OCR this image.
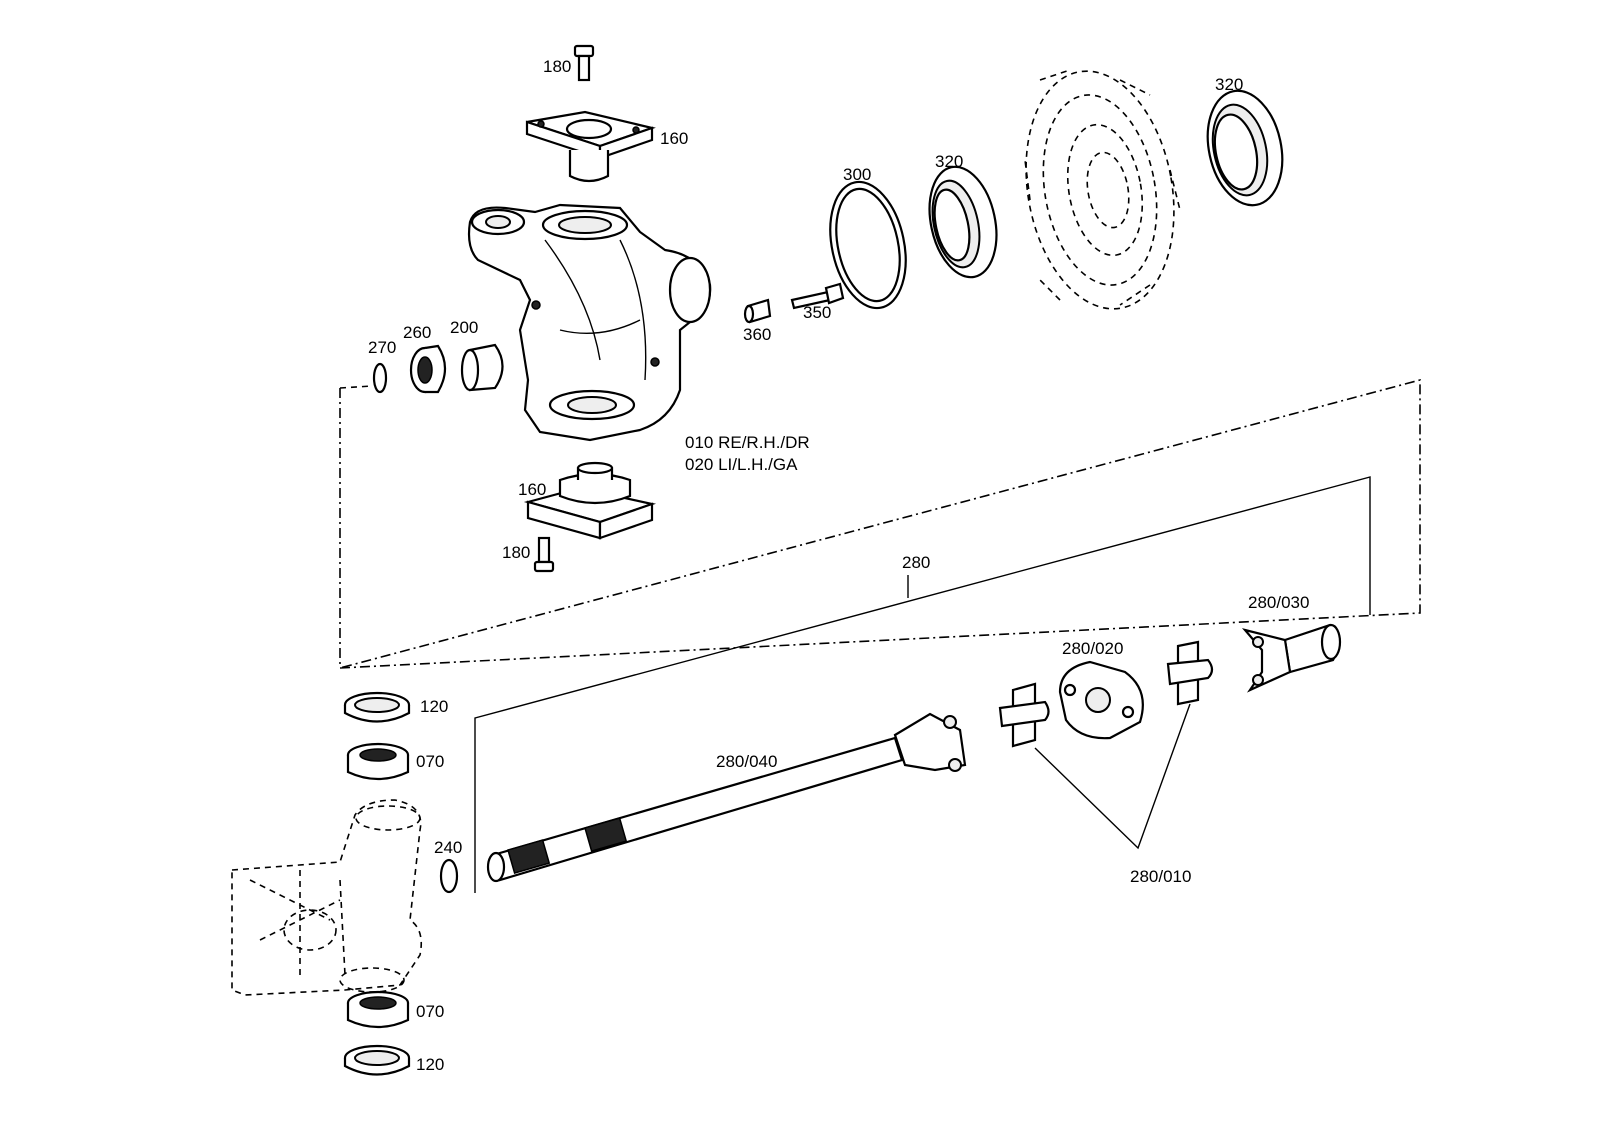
180
160
300
320
320
270
260 200	360
350
010 RE/R.H./DR
020 LI/L.H./GA
160
180
280
280/030
280/020
120
070	280/040
240
280/010
070
120
